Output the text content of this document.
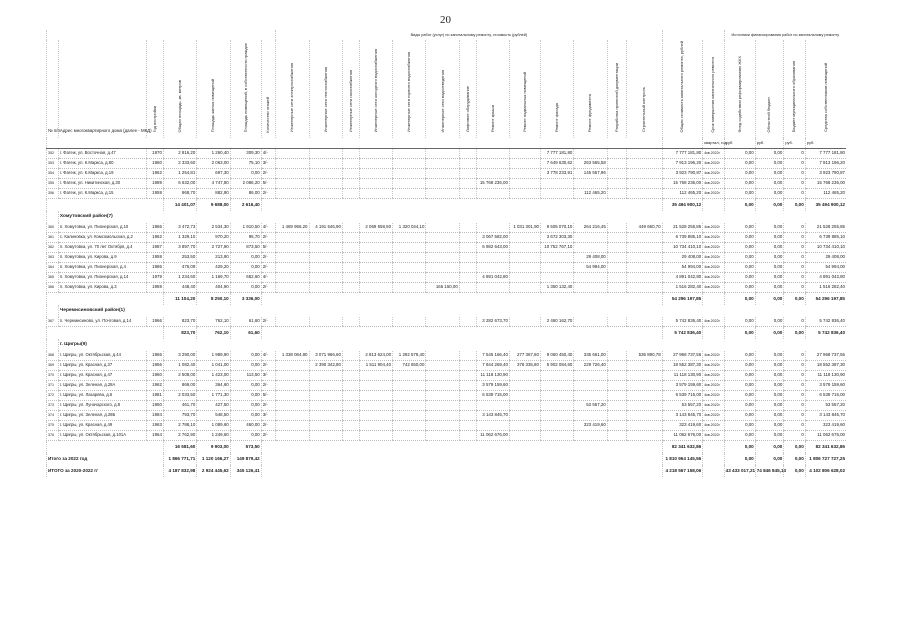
20
							Виды работ (услуг) по капитальному ремонту, стоимость (рублей)															Источники финансирования работ по капитальному ремонту			
№ п/п	Адрес многоквартирного дома (далее - МКД)	Год постройки	Общая площадь, кв. метров	Площадь жилых помещений	Площадь помещений, в собственности граждан	Количество этажей	Инженерные сети электроснабжения	Инженерные сети теплоснабжения	Инженерные сети газоснабжения	Инженерные сети холодного водоснабжения	Инженерные сети горячего водоснабжения	Инженерные сети водоотведения	Лифтовое оборудование	Ремонт крыши	Ремонт подвальных помещений	Ремонт фасада	Ремонт фундамента	Разработка проектной документации	Строительный контроль	Общая стоимость капитального ремонта, рублей	Срок завершения капитального ремонта	Фонд содействия реформированию ЖКХ	Областной бюджет	Бюджет муниципального образования	Средства собственников помещений
																					квартал, год	руб.	руб.	руб.	руб.
352	г. Фатеж, ул. Восточная, д.47	1970	2 816,20	1 260,40	309,30	4/-										7 777 181,80				7 777 181,80	4кв.2022г	0,00	0,00	0	7 777 181,80
353	г. Фатеж, ул. К.Маркса, д.80	1960	2 333,60	2 063,00	75,10	3/-										7 649 630,62	263 565,58			7 913 196,20	4кв.2022г	0,00	0,00	0	7 913 196,20
354	г. Фатеж, ул. К.Маркса, д.19	1962	1 254,81	697,30	0,00	2/-										3 778 233,91	145 557,96			3 923 790,87	4кв.2022г	0,00	0,00	0	3 923 790,87
355	г. Фатеж, ул. Никитинская, д.30	1989	6 632,00	4 747,80	2 086,20	5/-								15 768 236,00						15 768 236,00	4кв.2022г	0,00	0,00	0	15 768 236,00
356	г. Фатеж, ул. К.Маркса, д.15	1959	968,70	882,90	86,00	2/-											112 465,20			112 465,20	4кв.2022г	0,00	0,00	0	112 465,20
			14 401,07	9 688,00	2 616,40															35 494 900,12		0,00	0,00	0,00	35 494 900,12
	Хомутовский район(7)																								
360	п. Хомутовка, ул. Пионерская, д.10	1966	3 472,73	2 534,30	1 910,50	4/-	1 469 956,20	4 191 546,90		2 069 558,50	1 320 044,10				1 031 301,90	9 505 070,10	264 216,45		449 660,70	21 528 255,85	4кв.2022г	0,00	0,00	0	21 528 255,85
361	с. Калиновка, ул. Комсомольская, д.2	1962	1 329,10	970,20	95,70	2/-								3 067 582,00		3 672 303,30				6 739 885,10	4кв.2022г	0,00	0,00	0	6 739 885,10
362	п. Хомутовка, ул. 70 лет Октября, д.4	1987	3 897,70	2 727,90	873,50	5/-								6 982 643,00		10 752 767,10				10 734 410,10	4кв.2022г	0,00	0,00	0	10 734 410,10
363	п. Хомутовка, ул. Кирова, д.9	1959	253,50	213,90	0,00	2/-											29 408,00			29 408,00	4кв.2022г	0,00	0,00	0	29 408,00
364	п. Хомутовка, ул. Пионерская, д.4	1986	476,09	429,20	0,00	2/-											54 994,00			54 994,00	4кв.2022г	0,00	0,00	0	54 994,00
365	п. Хомутовка, ул. Пионерская, д.14	1979	1 234,60	1 169,70	652,60	4/-								4 891 042,80						4 891 042,80	4кв.2022г	0,00	0,00	0	4 891 042,80
366	п. Хомутовка, ул. Кирова, д.3	1959	448,40	404,90	0,00	2/-						166 150,00				1 350 132,40				1 516 282,40	4кв.2022г	0,00	0,00	0	1 516 282,40
			11 104,20	8 250,10	3 336,00															54 296 197,85		0,00	0,00	0,00	54 296 197,85
	Черемисиновский район(1)																								
367	п. Черемисиново, ул. Почтовая, д.14	1966	823,70	762,10	61,60	2/-								3 282 673,70		2 460 162,70				5 742 836,40	4кв.2022г	0,00	0,00	0	5 742 836,40
			823,70	762,10	61,60															5 742 836,40		0,00	0,00	0,00	5 742 836,40
	г. Щигры(9)																								
368	г. Щигры, ул. Октябрьская, д.44	1966	3 290,00	1 989,90	0,00	4/-	1 338 064,80	3 071 966,60		2 813 624,00	1 292 578,40			7 545 166,40	277 367,60	9 060 450,40	335 661,00		535 890,78	27 968 737,56	4кв.2022г	0,00	0,00	0	27 968 737,56
369	г. Щигры, ул. Красная, д.37	1956	1 082,40	1 041,00	0,00	2/-		2 390 342,80		1 511 904,40	742 650,00			7 844 269,40	378 335,80	5 902 084,60	229 726,40			18 552 387,30	4кв.2022г	0,00	0,00	0	18 552 387,30
370	г. Щигры, ул. Красная, д.47	1960	2 508,00	1 423,00	113,50	3/-								11 118 130,90						11 118 130,90	4кв.2022г	0,00	0,00	0	11 118 130,90
371	г. Щигры, ул. Зеленая, д.28А	1962	869,00	364,60	0,00	2/-								3 579 159,60						3 579 159,60	4кв.2022г	0,00	0,00	0	3 579 159,60
372	г. Щигры, ул. Лазарева, д.5	1981	2 033,50	1 771,30	0,00	5/-								6 539 715,00						6 539 715,00	4кв.2022г	0,00	0,00	0	6 539 715,00
373	г. Щигры, ул. Луначарского, д.8	1950	461,70	427,50	0,00	2/-											53 557,20			53 557,20	4кв.2022г	0,00	0,00	0	53 557,20
374	г. Щигры, ул. Зеленая, д.28Б	1984	793,70	548,50	0,00	3/-								3 143 845,70						3 143 845,70	4кв.2022г	0,00	0,00	0	3 143 845,70
375	г. Щигры, ул. Красная, д.49	1963	2 788,10	1 089,60	460,00	2/-											323 419,60			323 419,60	4кв.2022г	0,00	0,00	0	323 419,60
376	г. Щигры, ул. Октябрьская, д.101А	1964	2 762,90	1 249,60	0,00	2/-								11 062 676,00						11 062 676,00	4кв.2022г	0,00	0,00	0	11 062 676,00
			16 581,60	9 903,00	573,50															82 341 632,86		0,00	0,00	0,00	82 341 632,86
Итого за 2022 год			1 866 771,71	1 120 166,27	149 879,42															1 810 964 145,56		0,00	0,00	0,00	1 806 727 727,25
ИТОГО за 2020-2022 гг			4 187 832,98	2 924 445,62	345 126,41															4 218 567 158,06		43 433 017,21	74 846 845,13	0,00	4 102 806 628,02
